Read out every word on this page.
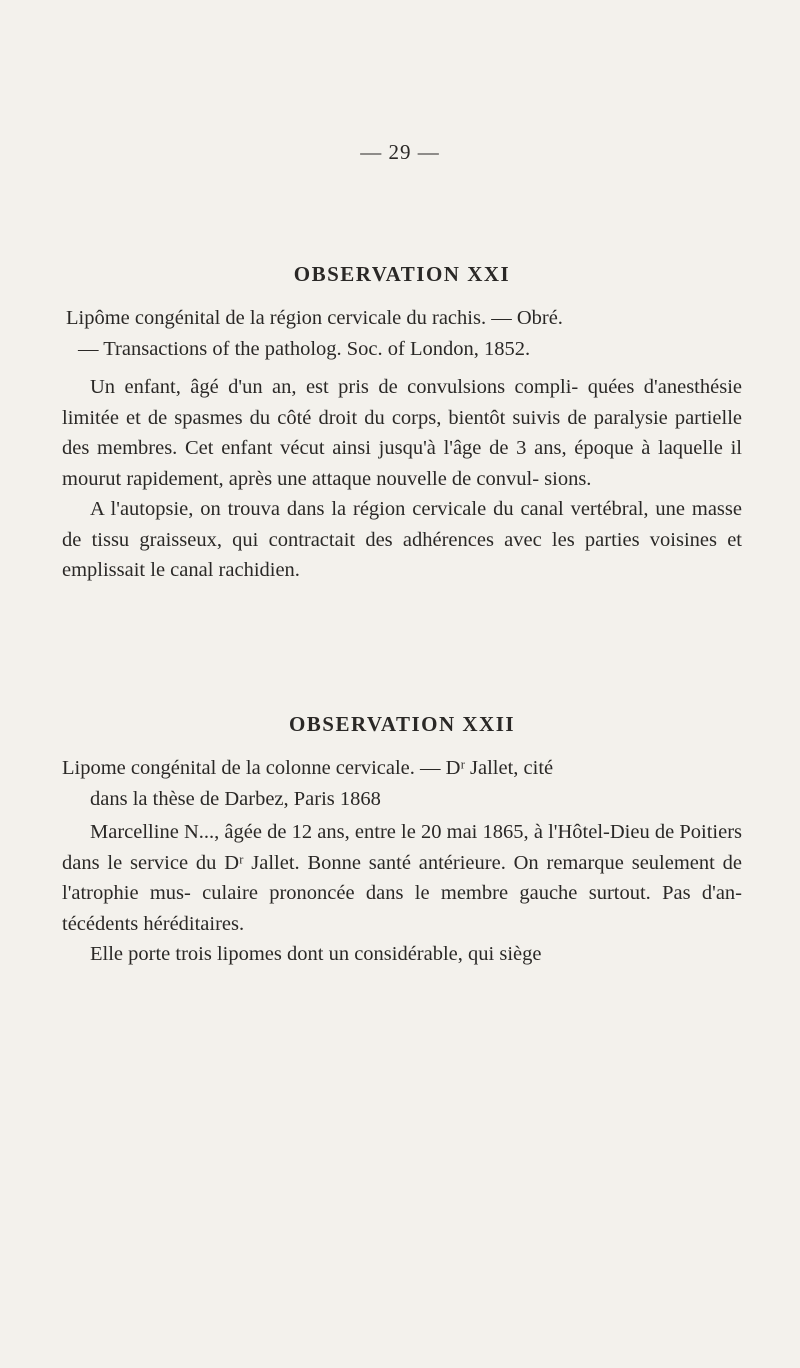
— 29 —
OBSERVATION XXI

Lipôme congénital de la région cervicale du rachis. — Obré.
— Transactions of the patholog. Soc. of London, 1852.

Un enfant, âgé d'un an, est pris de convulsions compli- quées d'anesthésie limitée et de spasmes du côté droit du corps, bientôt suivis de paralysie partielle des membres. Cet enfant vécut ainsi jusqu'à l'âge de 3 ans, époque à laquelle il mourut rapidement, après une attaque nouvelle de convul- sions.

A l'autopsie, on trouva dans la région cervicale du canal vertébral, une masse de tissu graisseux, qui contractait des adhérences avec les parties voisines et emplissait le canal rachidien.

OBSERVATION XXII

Lipome congénital de la colonne cervicale. — Dʳ Jallet, cité
dans la thèse de Darbez, Paris 1868

Marcelline N..., âgée de 12 ans, entre le 20 mai 1865, à l'Hôtel-Dieu de Poitiers dans le service du Dʳ Jallet. Bonne santé antérieure. On remarque seulement de l'atrophie mus- culaire prononcée dans le membre gauche surtout. Pas d'an- técédents héréditaires.

Elle porte trois lipomes dont un considérable, qui siège
